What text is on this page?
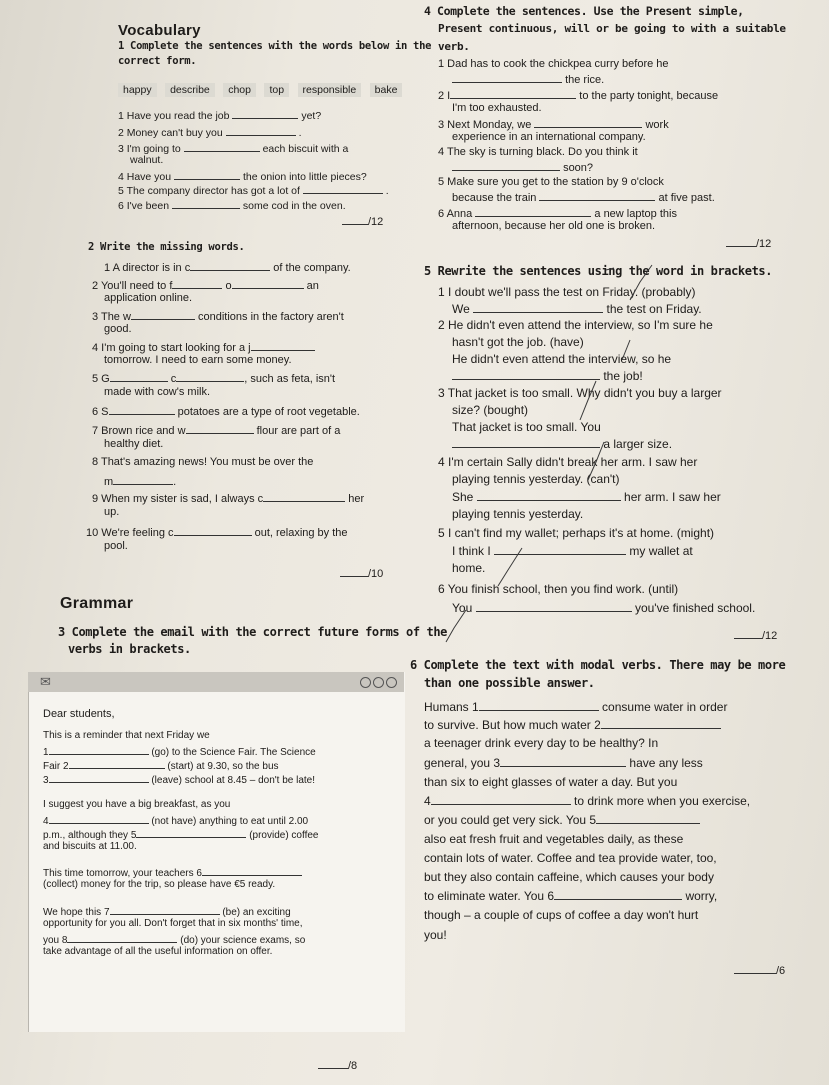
Vocabulary
1 Complete the sentences with the words below in the
correct form.
happy describe chop top responsible bake
1 Have you read the job	yet?
2 Money can't buy you	.
3 I'm going to	each biscuit with a
walnut.
4 Have you	the onion into little pieces?
5 The company director has got a lot of	.
6 I've been	some cod in the oven.
/12
2 Write the missing words.
1 A director is in c	of the company.
2 You'll need to f	o	an
application online.
3 The w	conditions in the factory aren't
good.
4 I'm going to start looking for a j
tomorrow. I need to earn some money.
5 G	c	, such as feta, isn't
made with cow's milk.
6 S	potatoes are a type of root vegetable.
7 Brown rice and w	flour are part of a
healthy diet.
8 That's amazing news! You must be over the
m	.
9 When my sister is sad, I always c	her
up.
10 We're feeling c	out, relaxing by the
pool.
/10
Grammar
3 Complete the email with the correct future forms of the
verbs in brackets.
Dear students,
This is a reminder that next Friday we
1	(go) to the Science Fair. The Science
Fair 2	(start) at 9.30, so the bus
3	(leave) school at 8.45 – don't be late!
I suggest you have a big breakfast, as you
4	(not have) anything to eat until 2.00
p.m., although they 5	(provide) coffee
and biscuits at 11.00.
This time tomorrow, your teachers 6
(collect) money for the trip, so please have €5 ready.
We hope this 7	(be) an exciting
opportunity for you all. Don't forget that in six months' time,
you 8	(do) your science exams, so
take advantage of all the useful information on offer.
✉
/8
4 Complete the sentences. Use the Present simple,
Present continuous, will or be going to with a suitable
verb.
1 Dad has to cook the chickpea curry before he
the rice.
2 I	to the party tonight, because
I'm too exhausted.
3 Next Monday, we	work
experience in an international company.
4 The sky is turning black. Do you think it
soon?
5 Make sure you get to the station by 9 o'clock
because the train	at five past.
6 Anna	a new laptop this
afternoon, because her old one is broken.
/12
5 Rewrite the sentences using the word in brackets.
1 I doubt we'll pass the test on Friday. (probably)
We	the test on Friday.
2 He didn't even attend the interview, so I'm sure he
hasn't got the job. (have)
He didn't even attend the interview, so he
the job!
3 That jacket is too small. Why didn't you buy a larger
size? (bought)
That jacket is too small. You
a larger size.
4 I'm certain Sally didn't break her arm. I saw her
playing tennis yesterday. (can't)
She	her arm. I saw her
playing tennis yesterday.
5 I can't find my wallet; perhaps it's at home. (might)
I think I	my wallet at
home.
6 You finish school, then you find work. (until)
You	you've finished school.
/12
6 Complete the text with modal verbs. There may be more
than one possible answer.
Humans 1	consume water in order
to survive. But how much water 2
a teenager drink every day to be healthy? In
general, you 3	have any less
than six to eight glasses of water a day. But you
4	to drink more when you exercise,
or you could get very sick. You 5
also eat fresh fruit and vegetables daily, as these
contain lots of water. Coffee and tea provide water, too,
but they also contain caffeine, which causes your body
to eliminate water. You 6	worry,
though – a couple of cups of coffee a day won't hurt
you!
/6
